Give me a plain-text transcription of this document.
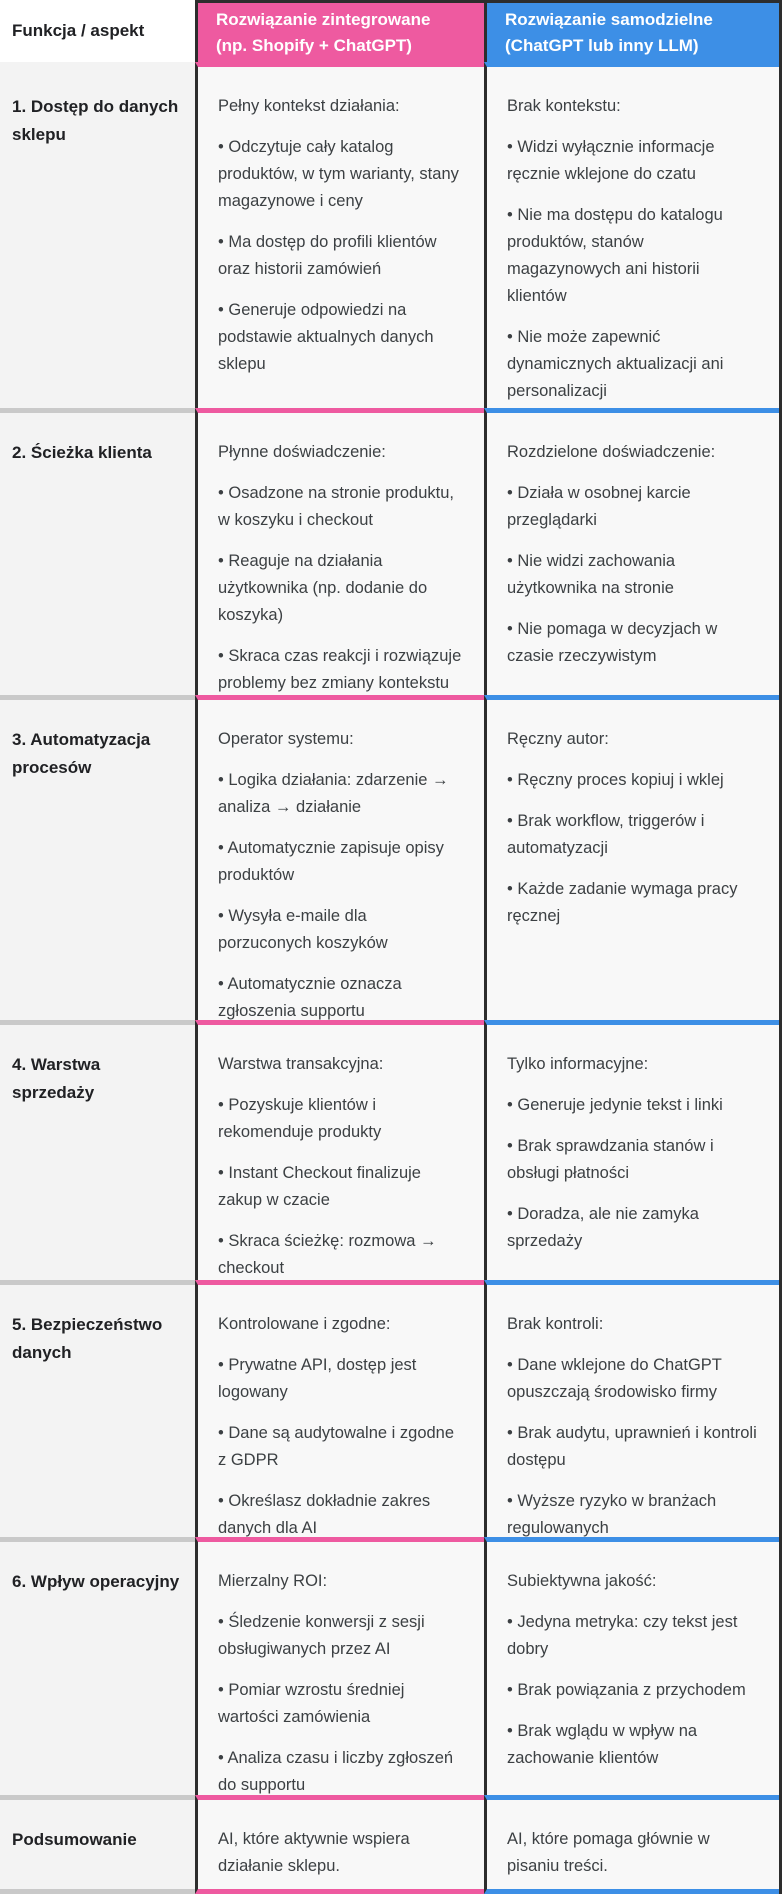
Funkcja / aspekt
Rozwiązanie zintegrowane (np. Shopify + ChatGPT)
Rozwiązanie samodzielne (ChatGPT lub inny LLM)
1. Dostęp do danych sklepu
Pełny kontekst działania:
• Odczytuje cały katalog produktów, w tym warianty, stany magazynowe i ceny
• Ma dostęp do profili klientów oraz historii zamówień
• Generuje odpowiedzi na podstawie aktualnych danych sklepu
Brak kontekstu:
• Widzi wyłącznie informacje ręcznie wklejone do czatu
• Nie ma dostępu do katalogu produktów, stanów magazynowych ani historii klientów
• Nie może zapewnić dynamicznych aktualizacji ani personalizacji
2. Ścieżka klienta	Płynne doświadczenie:
• Osadzone na stronie produktu, w koszyku i checkout
• Reaguje na działania użytkownika (np. dodanie do koszyka)
• Skraca czas reakcji i rozwiązuje problemy bez zmiany kontekstu
Rozdzielone doświadczenie:
• Działa w osobnej karcie przeglądarki
• Nie widzi zachowania użytkownika na stronie
• Nie pomaga w decyzjach w czasie rzeczywistym
3. Automatyzacja procesów
Operator systemu:
• Logika działania: zdarzenie → analiza → działanie
• Automatycznie zapisuje opisy produktów
• Wysyła e-maile dla porzuconych koszyków
• Automatycznie oznacza zgłoszenia supportu
Ręczny autor:
• Ręczny proces kopiuj i wklej
• Brak workflow, triggerów i automatyzacji
• Każde zadanie wymaga pracy ręcznej
4. Warstwa sprzedaży
Warstwa transakcyjna:
• Pozyskuje klientów i rekomenduje produkty
• Instant Checkout finalizuje zakup w czacie
• Skraca ścieżkę: rozmowa → checkout
Tylko informacyjne:
• Generuje jedynie tekst i linki
• Brak sprawdzania stanów i obsługi płatności
• Doradza, ale nie zamyka sprzedaży
5. Bezpieczeństwo danych
Kontrolowane i zgodne:
• Prywatne API, dostęp jest logowany
• Dane są audytowalne i zgodne z GDPR
• Określasz dokładnie zakres danych dla AI
Brak kontroli:
• Dane wklejone do ChatGPT opuszczają środowisko firmy
• Brak audytu, uprawnień i kontroli dostępu
• Wyższe ryzyko w branżach regulowanych
6. Wpływ operacyjny Mierzalny ROI:
• Śledzenie konwersji z sesji obsługiwanych przez AI
• Pomiar wzrostu średniej wartości zamówienia
• Analiza czasu i liczby zgłoszeń do supportu
Subiektywna jakość:
• Jedyna metryka: czy tekst jest dobry
• Brak powiązania z przychodem
• Brak wglądu w wpływ na zachowanie klientów
Podsumowanie	AI, które aktywnie wspiera działanie sklepu.
AI, które pomaga głównie w pisaniu treści.
